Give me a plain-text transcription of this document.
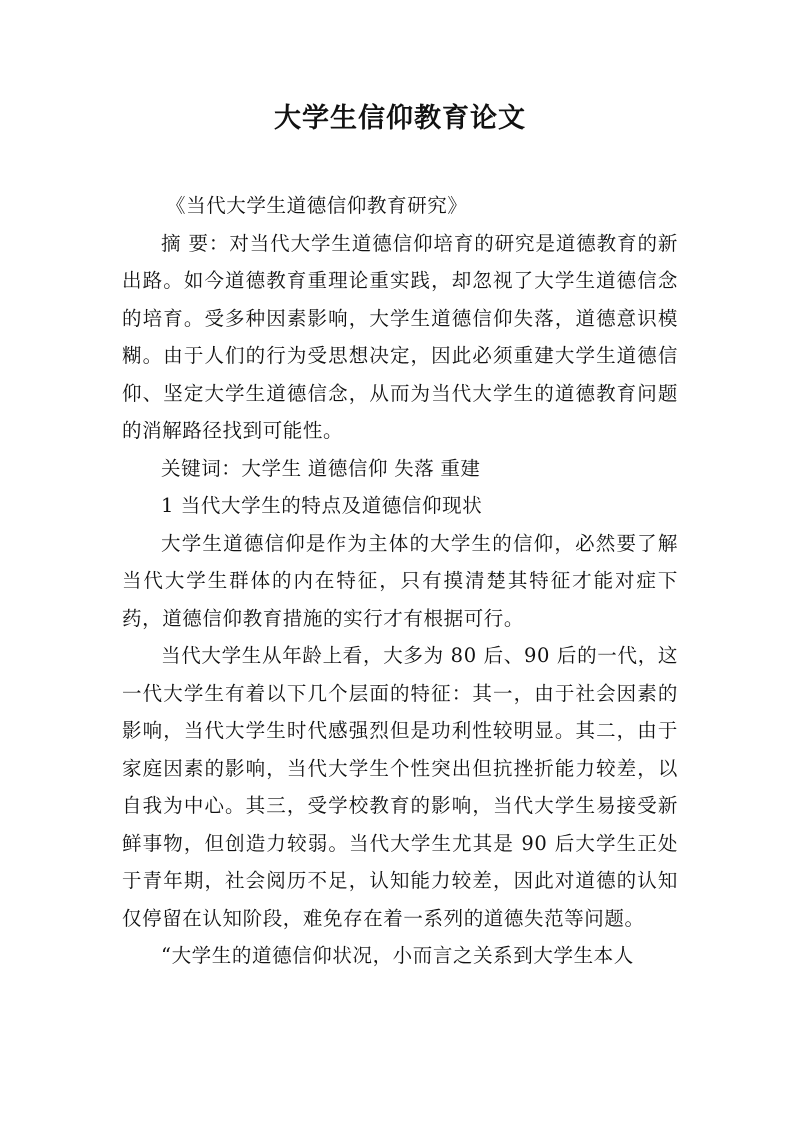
大学生信仰教育论文

《当代大学生道德信仰教育研究》

摘 要：对当代大学生道德信仰培育的研究是道德教育的新出路。如今道德教育重理论重实践，却忽视了大学生道德信念的培育。受多种因素影响，大学生道德信仰失落，道德意识模糊。由于人们的行为受思想决定，因此必须重建大学生道德信仰、坚定大学生道德信念，从而为当代大学生的道德教育问题的消解路径找到可能性。

关键词：大学生 道德信仰 失落 重建

1 当代大学生的特点及道德信仰现状

大学生道德信仰是作为主体的大学生的信仰，必然要了解当代大学生群体的内在特征，只有摸清楚其特征才能对症下药，道德信仰教育措施的实行才有根据可行。

当代大学生从年龄上看，大多为 80 后、90 后的一代，这一代大学生有着以下几个层面的特征：其一，由于社会因素的影响，当代大学生时代感强烈但是功利性较明显。其二，由于家庭因素的影响，当代大学生个性突出但抗挫折能力较差，以自我为中心。其三，受学校教育的影响，当代大学生易接受新鲜事物，但创造力较弱。当代大学生尤其是 90 后大学生正处于青年期，社会阅历不足，认知能力较差，因此对道德的认知仅停留在认知阶段，难免存在着一系列的道德失范等问题。

“大学生的道德信仰状况，小而言之关系到大学生本人
